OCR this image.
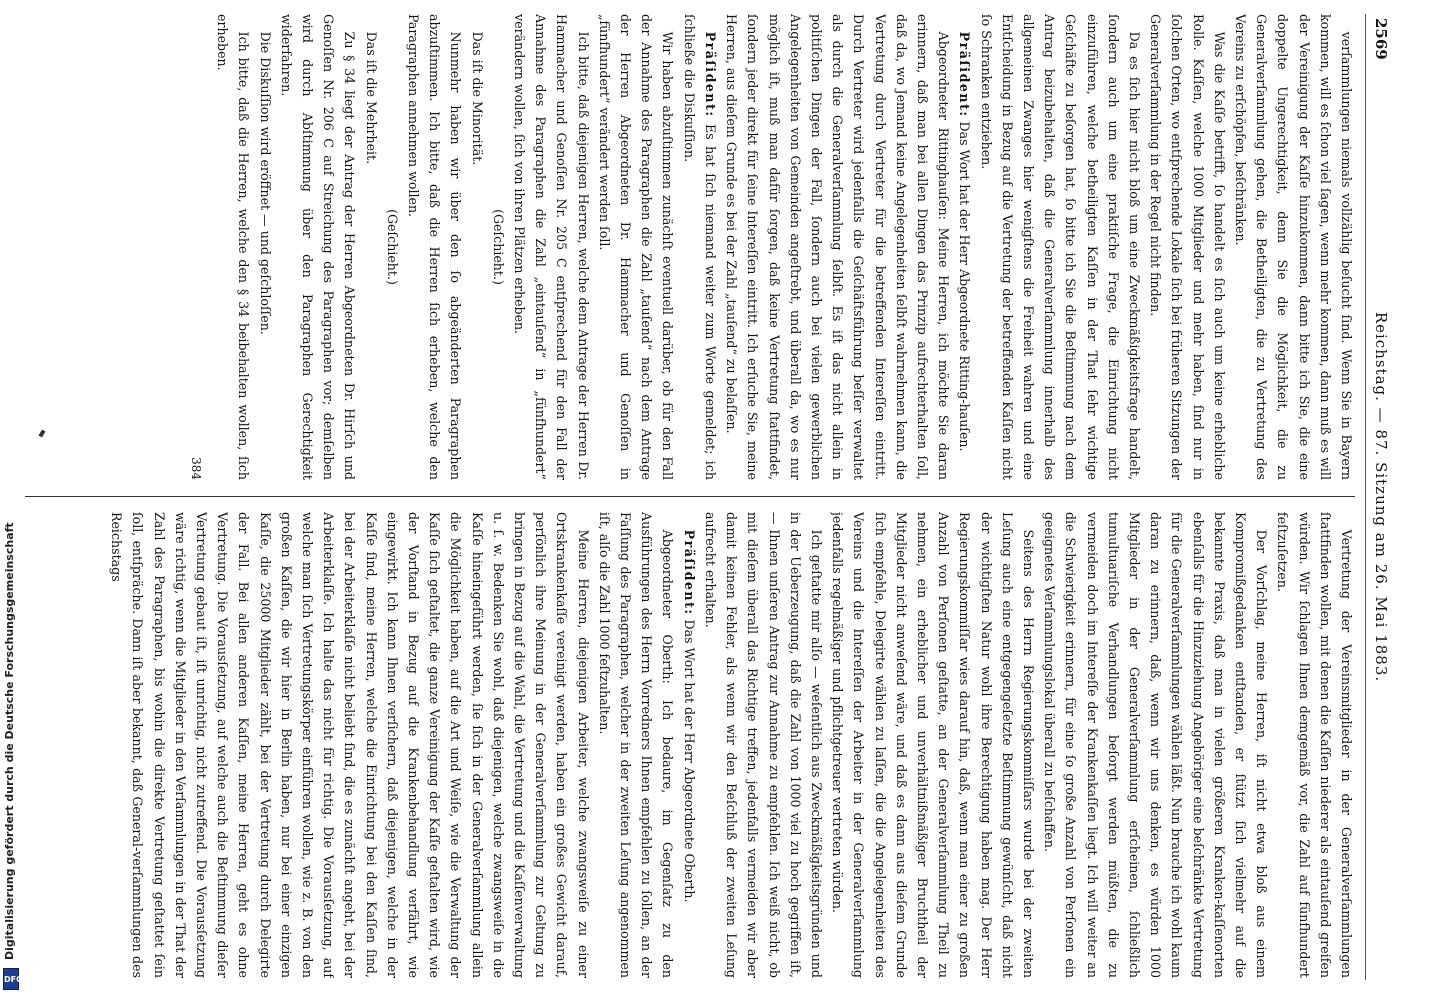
2569
Reichstag. — 87. Sitzung am 26. Mai 1883.

verſammlungen niemals vollzählig beſucht ſind. Wenn Sie in Bayern kommen, will es ſchon viel ſagen, wenn mehr kommen, dann muß es will der Vereinigung der Kaſſe hinzukommen, dann bitte ich Sie, die eine doppelte Ungerechtigkeit, denn Sie die Möglichkeit, die zu Generalverſammlung gehen, die Betheiligten, die zu Vertretung des Vereins zu erſchöpfen, beſchränken.

Was die Kaſſe betrifft, ſo handelt es ſich auch um keine erhebliche Rolle. Kaſſen, welche 1000 Mitglieder und mehr haben, ſind nur in ſolchen Orten, wo entſprechende Lokale ſich bei früheren Sitzungen der Generalverſammlung in der Regel nicht finden.

Da es ſich hier nicht bloß um eine Zweckmäßigkeitsfrage handelt, ſondern auch um eine praktiſche Frage, die Einrichtung nicht einzuführen, welche betheiligten Kaſſen in der That ſehr wichtige Geſchäfte zu beſorgen hat, ſo bitte ich Sie die Beſtimmung nach dem Antrag beizubehalten, daß die Generalverſammlung innerhalb des allgemeinen Zwanges hier wenigſtens die Freiheit wahren und eine Entſcheidung in Bezug auf die Vertretung der betreffenden Kaſſen nicht ſo Schranken entziehen.

Präſident: Das Wort hat der Herr Abgeordnete Ritting-hauſen.

Abgeordneter Rittinghauſen: Meine Herren, ich möchte Sie daran erinnern, daß man bei allen Dingen das Prinzip aufrechterhalten ſoll, daß da, wo Jemand keine Angelegenheiten ſelbſt wahrnehmen kann, die Vertretung durch Vertreter für die betreffenden Intereſſen eintritt. Durch Vertreter wird jedenfalls die Geſchäftsführung beſſer verwaltet als durch die Generalverſammlung ſelbſt. Es iſt das nicht allein in politiſchen Dingen der Fall, ſondern auch bei vielen gewerblichen Angelegenheiten von Gemeinden angeſtrebt, und überall da, wo es nur möglich iſt, muß man dafür ſorgen, daß keine Vertretung ſtattfindet, ſondern jeder direkt für ſeine Intereſſen eintritt. Ich erſuche Sie, meine Herren, aus dieſem Grunde es bei der Zahl „tauſend“ zu belaſſen.

Präſident: Es hat ſich niemand weiter zum Worte gemeldet; ich ſchließe die Diskuſſion.

Wir haben abzuſtimmen zunächſt eventuell darüber, ob für den Fall der Annahme des Paragraphen die Zahl „tauſend“ nach dem Antrage der Herren Abgeordneten Dr. Hammacher und Genoſſen in „fünfhundert“ verändert werden ſoll.

Ich bitte, daß diejenigen Herren, welche dem Antrage der Herren Dr. Hammacher und Genoſſen Nr. 205 C entſprechend für den Fall der Annahme des Paragraphen die Zahl „eintauſend“ in „fünfhundert“ verändern wollen, ſich von ihren Plätzen erheben.

(Geſchieht.)

Das iſt die Minorität.

Nunmehr haben wir über den ſo abgeänderten Paragraphen abzuſtimmen. Ich bitte, daß die Herren ſich erheben, welche den Paragraphen annehmen wollen.

(Geſchieht.)

Das iſt die Mehrheit.

Zu § 34 liegt der Antrag der Herren Abgeordneten Dr. Hirſch und Genoſſen Nr. 206 C auf Streichung des Paragraphen vor; demſelben wird durch Abſtimmung über den Paragraphen Gerechtigkeit widerfahren.

Die Diskuſſion wird eröffnet — und geſchloſſen.

Ich bitte, daß die Herren, welche den § 34 beibehalten wollen, ſich erheben.

384

Vertretung der Vereinsmitglieder in der Generalverſammlungen ſtattfinden wollen, mit denen die Kaſſen niederer als eintauſend greifen würden. Wir ſchlagen Ihnen demgemäß vor, die Zahl auf fünfhundert feſtzuſetzen.

Der Vorſchlag, meine Herren, iſt nicht etwa bloß aus einem Kompromißgedanken entſtanden, er ſtützt ſich vielmehr auf die bekannte Praxis, daß man in vielen größeren Kranken-kaſſenorten ebenſalls für die Hinzuziehung Angehöriger eine beſchränkte Vertretung für die Generalverſammlungen wählen läßt. Nun brauche ich wohl kaum daran zu erinnern, daß, wenn wir uns denken, es würden 1000 Mitglieder in der Generalverſammlung erſcheinen, ſchließlich tumultuariſche Verhandlungen beſorgt werden müßten, die zu vermeiden doch im Intereſſe der Krankenkaſſen liegt. Ich will weiter an die Schwierigkeit erinnern, für eine ſo große Anzahl von Perſonen ein geeignetes Verſammlungslokal überall zu beſchaffen.

Seitens des Herrn Regierungskommiſſars wurde bei der zweiten Leſung auch eine entgegengeſetzte Beſtimmung gewünſcht, daß nicht der wichtigſten Natur wohl ihre Berechtigung haben mag. Der Herr Regierungskommiſſar wies darauf hin, daß, wenn man einer zu großen Anzahl von Perſonen geſtatte, an der Generalverſammlung Theil zu nehmen, ein erheblicher und unverhältnißmäßiger Bruchtheil der Mitglieder nicht anweſend wäre, und daß es dann aus dieſem Grunde ſich empfehle, Delegirte wählen zu laſſen, die die Angelegenheiten des Vereins und die Intereſſen der Arbeiter in der Generalverſammlung jedenfalls regelmäßiger und pflichtgetreuer vertreten würden.

Ich geſtatte mir alſo — weſentlich aus Zweckmäßigkeitsgründen und in der Ueberzeugung, daß die Zahl von 1000 viel zu hoch gegriffen iſt, — Ihnen unſeren Antrag zur Annahme zu empfehlen. Ich weiß nicht, ob mit dieſem überall das Richtige treffen, jedenfalls vermeiden wir aber damit keinen Fehler, als wenn wir den Beſchluß der zweiten Leſung aufrecht erhalten.

Präſident: Das Wort hat der Herr Abgeordnete Oberth.

Abgeordneter Oberth: Ich bedaure, im Gegenſatz zu den Ausführungen des Herrn Vorredners Ihnen empfehlen zu ſollen, an der Faſſung des Paragraphen, welcher in der zweiten Leſung angenommen iſt, alſo die Zahl 1000 feſtzuhalten.

Meine Herren, diejenigen Arbeiter, welche zwangsweiſe zu einer Ortskrankenkaſſe vereinigt werden, haben ein großes Gewicht darauf, perſönlich ihre Meinung in der Generalverſammlung zur Geltung zu bringen in Bezug auf die Wahl, die Vertretung und die Kaſſenverwaltung u. ſ. w. Bedenken Sie wohl, daß diejenigen, welche zwangsweiſe in die Kaſſe hineingeführt werden, ſie ſich in der Generalverſammlung allein die Möglichkeit haben, auf die Art und Weiſe, wie die Verwaltung der Kaſſe ſich geſtaltet, die ganze Vereinigung der Kaſſe geſtalten wird, wie der Vorſtand in Bezug auf die Krankenbehandlung verfährt, wie eingewirkt. Ich kann Ihnen verſichern, daß diejenigen, welche in der Kaſſe ſind, meine Herren, welche die Einrichtung bei den Kaſſen ſind, bei der Arbeiterklaſſe nicht beliebt ſind, die es zunächſt angeht, bei der Arbeiterklaſſe. Ich halte das nicht für richtig. Die Vorausſetzung, auf welche man ſich Vertretungskörper einführen wollen, wie z. B. von den großen Kaſſen, die wir hier in Berlin haben, nur bei einer einzigen Kaſſe, die 25000 Mitglieder zählt, bei der Vertretung durch Delegirte der Fall. Bei allen anderen Kaſſen, meine Herren, geht es ohne Vertretung. Die Vorausſetzung, auf welche auch die Beſtimmung dieſer Vertretung gebaut iſt, iſt unrichtig, nicht zutreffend. Die Vorausſetzung wäre richtig, wenn die Mitglieder in den Verſammlungen in der That der Zahl des Paragraphen, bis wohin die direkte Vertretung geſtattet ſein ſoll, entſpräche. Dann iſt aber bekannt, daß General-verſammlungen des Reichstags

Digitalisierung gefördert durch die Deutsche Forschungsgemeinschaft
DFG
